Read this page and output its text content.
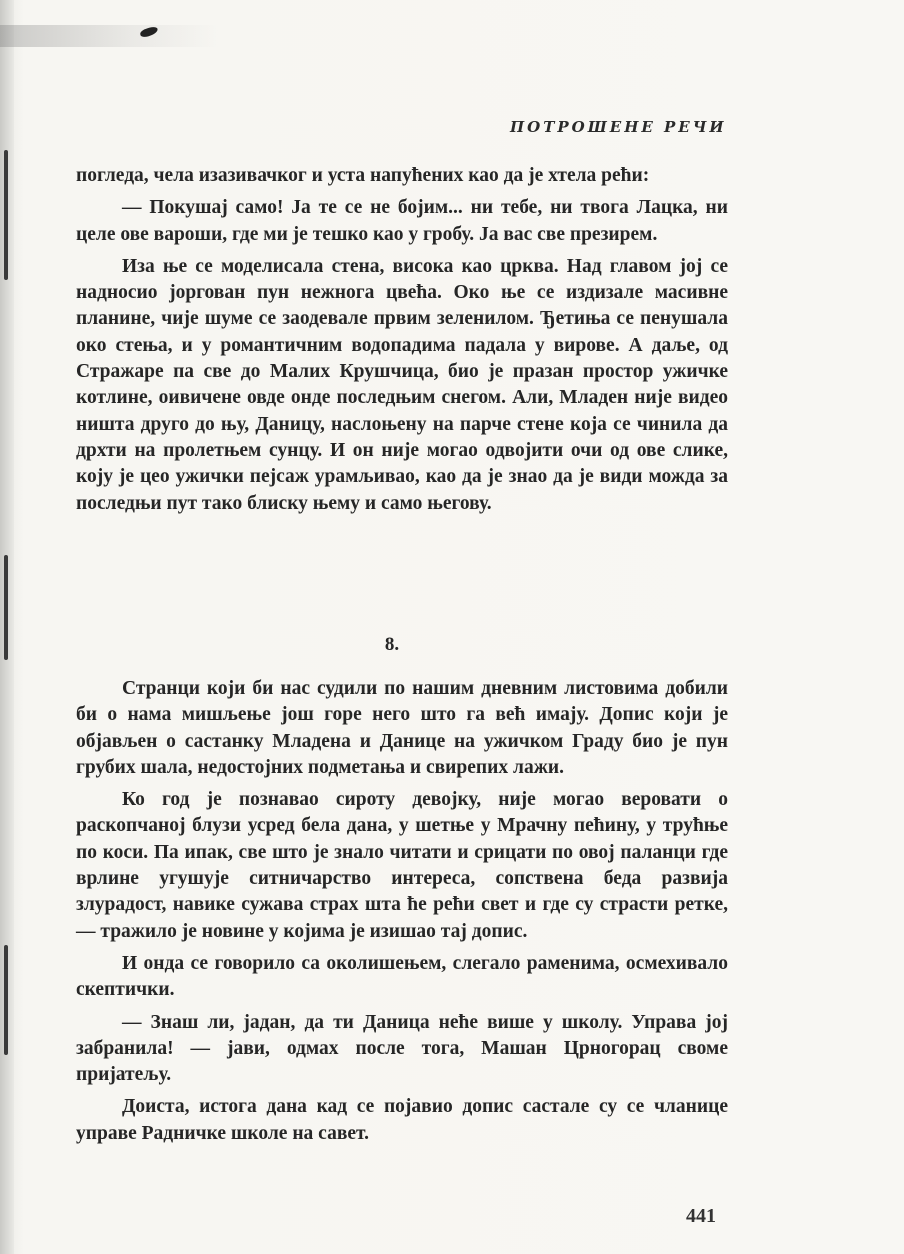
ПОТРОШЕНЕ РЕЧИ

погледа, чела изазивачког и уста напућених као да је хтела рећи:

— Покушај само! Ја те се не бојим... ни тебе, ни твога Лацка, ни целе ове вароши, где ми је тешко као у гробу. Ја вас све презирем.

Иза ње се моделисала стена, висока као црква. Над главом јој се надносио јоргован пун нежнога цвећа. Око ње се издизале масивне планине, чије шуме се заодевале првим зеленилом. Ђетиња се пенушала око стења, и у романтичним водопадима падала у вирове. А даље, од Стражаре па све до Малих Крушчица, био је празан простор ужичке котлине, оивичене овде онде последњим снегом. Али, Младен није видео ништа друго до њу, Даницу, наслоњену на парче стене која се чинила да дрхти на пролетњем сунцу. И он није могао одвојити очи од ове слике, коју је цео ужички пејсаж урамљивао, као да је знао да је види можда за последњи пут тако блиску њему и само његову.

8.

Странци који би нас судили по нашим дневним листовима добили би о нама мишљење још горе него што га већ имају. Допис који је објављен о састанку Младена и Данице на ужичком Граду био је пун грубих шала, недостојних подметања и свирепих лажи.

Ко год је познавао сироту девојку, није могао веровати о раскопчаној блузи усред бела дана, у шетње у Мрачну пећину, у трућње по коси. Па ипак, све што је знало читати и срицати по овој паланци где врлине угушује ситничарство интереса, сопствена беда развија злурадост, навике сужава страх шта ће рећи свет и где су страсти ретке, — тражило је новине у којима је изишао тај допис.

И онда се говорило са околишењем, слегало раменима, осмехивало скептички.

— Знаш ли, јадан, да ти Даница неће више у школу. Управа јој забранила! — јави, одмах после тога, Машан Црногорац своме пријатељу.

Доиста, истога дана кад се појавио допис састале су се чланице управе Радничке школе на савет.

441
